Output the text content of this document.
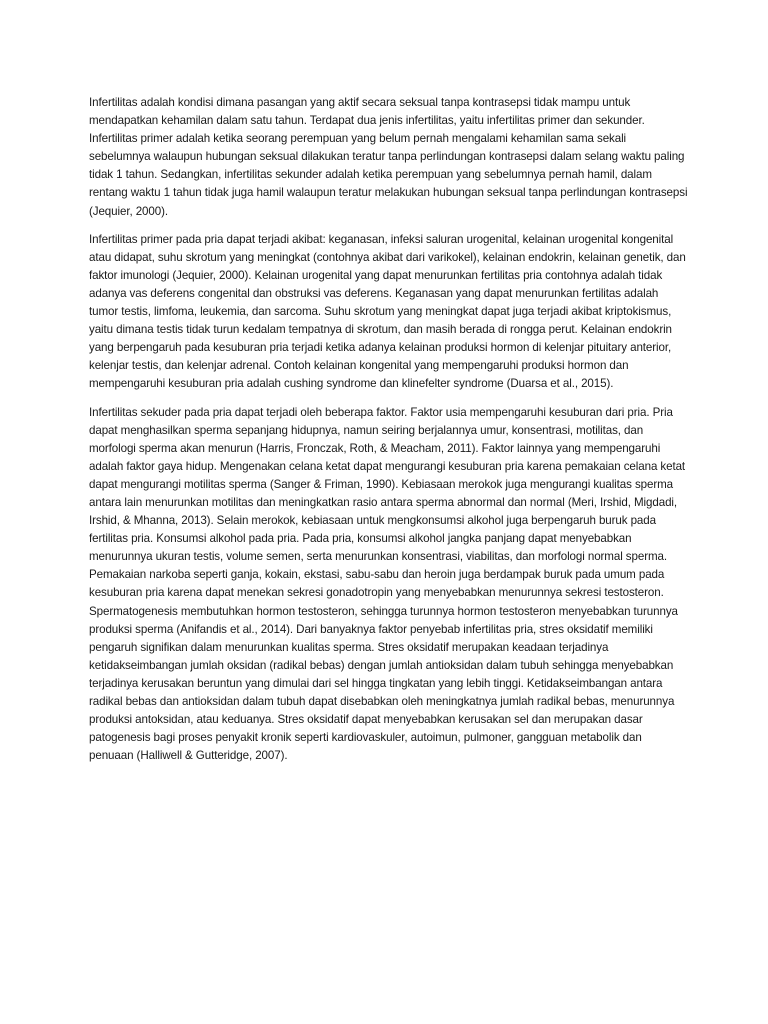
Infertilitas adalah kondisi dimana pasangan yang aktif secara seksual tanpa kontrasepsi tidak mampu untuk mendapatkan kehamilan dalam satu tahun. Terdapat dua jenis infertilitas, yaitu infertilitas primer dan sekunder. Infertilitas primer adalah ketika seorang perempuan yang belum pernah mengalami kehamilan sama sekali sebelumnya walaupun hubungan seksual dilakukan teratur tanpa perlindungan kontrasepsi dalam selang waktu paling tidak 1 tahun. Sedangkan, infertilitas sekunder adalah ketika perempuan yang sebelumnya pernah hamil, dalam rentang waktu 1 tahun tidak juga hamil walaupun teratur melakukan hubungan seksual tanpa perlindungan kontrasepsi (Jequier, 2000).

Infertilitas primer pada pria dapat terjadi akibat: keganasan, infeksi saluran urogenital, kelainan urogenital kongenital atau didapat, suhu skrotum yang meningkat (contohnya akibat dari varikokel), kelainan endokrin, kelainan genetik, dan faktor imunologi (Jequier, 2000). Kelainan urogenital yang dapat menurunkan fertilitas pria contohnya adalah tidak adanya vas deferens congenital dan obstruksi vas deferens. Keganasan yang dapat menurunkan fertilitas adalah tumor testis, limfoma, leukemia, dan sarcoma. Suhu skrotum yang meningkat dapat juga terjadi akibat kriptokismus, yaitu dimana testis tidak turun kedalam tempatnya di skrotum, dan masih berada di rongga perut. Kelainan endokrin yang berpengaruh pada kesuburan pria terjadi ketika adanya kelainan produksi hormon di kelenjar pituitary anterior, kelenjar testis, dan kelenjar adrenal. Contoh kelainan kongenital yang mempengaruhi produksi hormon dan mempengaruhi kesuburan pria adalah cushing syndrome dan klinefelter syndrome (Duarsa et al., 2015).

Infertilitas sekuder pada pria dapat terjadi oleh beberapa faktor. Faktor usia mempengaruhi kesuburan dari pria. Pria dapat menghasilkan sperma sepanjang hidupnya, namun seiring berjalannya umur, konsentrasi, motilitas, dan morfologi sperma akan menurun (Harris, Fronczak, Roth, & Meacham, 2011). Faktor lainnya yang mempengaruhi adalah faktor gaya hidup. Mengenakan celana ketat dapat mengurangi kesuburan pria karena pemakaian celana ketat dapat mengurangi motilitas sperma (Sanger & Friman, 1990). Kebiasaan merokok juga mengurangi kualitas sperma antara lain menurunkan motilitas dan meningkatkan rasio antara sperma abnormal dan normal (Meri, Irshid, Migdadi, Irshid, & Mhanna, 2013). Selain merokok, kebiasaan untuk mengkonsumsi alkohol juga berpengaruh buruk pada fertilitas pria. Konsumsi alkohol pada pria. Pada pria, konsumsi alkohol jangka panjang dapat menyebabkan menurunnya ukuran testis, volume semen, serta menurunkan konsentrasi, viabilitas, dan morfologi normal sperma. Pemakaian narkoba seperti ganja, kokain, ekstasi, sabu-sabu dan heroin juga berdampak buruk pada umum pada kesuburan pria karena dapat menekan sekresi gonadotropin yang menyebabkan menurunnya sekresi testosteron. Spermatogenesis membutuhkan hormon testosteron, sehingga turunnya hormon testosteron menyebabkan turunnya produksi sperma (Anifandis et al., 2014). Dari banyaknya faktor penyebab infertilitas pria, stres oksidatif memiliki pengaruh signifikan dalam menurunkan kualitas sperma. Stres oksidatif merupakan keadaan terjadinya ketidakseimbangan jumlah oksidan (radikal bebas) dengan jumlah antioksidan dalam tubuh sehingga menyebabkan terjadinya kerusakan beruntun yang dimulai dari sel hingga tingkatan yang lebih tinggi. Ketidakseimbangan antara radikal bebas dan antioksidan dalam tubuh dapat disebabkan oleh meningkatnya jumlah radikal bebas, menurunnya produksi antoksidan, atau keduanya. Stres oksidatif dapat menyebabkan kerusakan sel dan merupakan dasar patogenesis bagi proses penyakit kronik seperti kardiovaskuler, autoimun, pulmoner, gangguan metabolik dan penuaan (Halliwell & Gutteridge, 2007).
